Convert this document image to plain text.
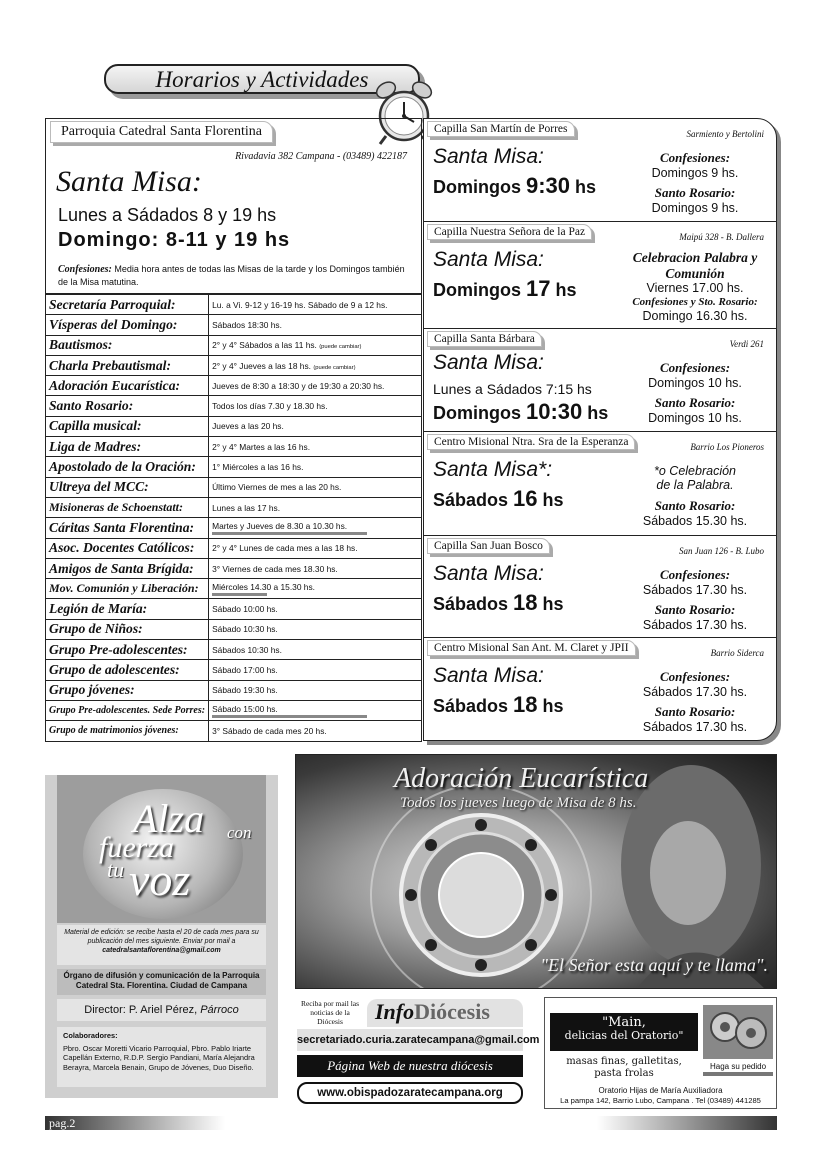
Horarios y Actividades
Parroquia Catedral Santa Florentina
Rivadavia 382 Campana - (03489) 422187
Santa Misa:
Lunes a Sádados 8 y 19 hs
Domingo: 8-11 y 19 hs
Confesiones: Media hora antes de todas las Misas de la tarde y los Domingos también de la Misa matutina.
Secretaría Parroquial:	Lu. a Vi. 9-12 y 16-19 hs. Sábado de 9 a 12 hs.
Vísperas del Domingo:	Sábados 18:30 hs.
Bautismos:	2° y 4° Sábados a las 11 hs. (puede cambiar)
Charla Prebautismal:	2° y 4° Jueves a las 18 hs. (puede cambiar)
Adoración Eucarística:	Jueves de 8:30 a 18:30 y de 19:30 a 20:30 hs.
Santo Rosario:	Todos los días 7.30 y 18.30 hs.
Capilla musical:	Jueves a las 20 hs.
Liga de Madres:	2° y 4° Martes a las 16 hs.
Apostolado de la Oración:	1° Miércoles a las 16 hs.
Ultreya del MCC:	Último Viernes de mes a las 20 hs.
Misioneras de Schoenstatt:	Lunes a las 17 hs.
Cáritas Santa Florentina:	Martes y Jueves de 8.30 a 10.30 hs.

Asoc. Docentes Católicos:	2° y 4° Lunes de cada mes a las 18 hs.
Amigos de Santa Brígida:	3° Viernes de cada mes 18.30 hs.
Mov. Comunión y Liberación:	Miércoles 14.30 a 15.30 hs.

Legión de María:	Sábado 10:00 hs.
Grupo de Niños:	Sábado 10:30 hs.
Grupo Pre-adolescentes:	Sábados 10:30 hs.
Grupo de adolescentes:	Sábado 17:00 hs.
Grupo jóvenes:	Sábado 19:30 hs.
Grupo Pre-adolescentes. Sede Porres:	Sábado 15:00 hs.

Grupo de matrimonios jóvenes:	3° Sábado de cada mes 20 hs.
Capilla San Martín de Porres	Sarmiento y Bertolini
Santa Misa:
Domingos 9:30 hs
Confesiones:
Domingos 9 hs.
Santo Rosario:
Domingos 9 hs.
Capilla Nuestra Señora de la Paz	Maipú 328 - B. Dallera
Santa Misa:
Domingos 17 hs
Celebracion Palabra y Comunión
Viernes 17.00 hs.
Confesiones y Sto. Rosario:
Domingo 16.30 hs.
Capilla Santa Bárbara	Verdi 261
Santa Misa:
Lunes a Sádados 7:15 hs
Domingos 10:30 hs
Confesiones:
Domingos 10 hs.
Santo Rosario:
Domingos 10 hs.
Centro Misional Ntra. Sra de la Esperanza	Barrio Los Pioneros
Santa Misa*:
Sábados 16 hs
*o Celebración de la Palabra.
Santo Rosario:
Sábados 15.30 hs.
Capilla San Juan Bosco	San Juan 126 - B. Lubo
Santa Misa:
Sábados 18 hs
Confesiones:
Sábados 17.30 hs.
Santo Rosario:
Sábados 17.30 hs.
Centro Misional San Ant. M. Claret y JPII	Barrio Siderca
Santa Misa:
Sábados 18 hs
Confesiones:
Sábados 17.30 hs.
Santo Rosario:
Sábados 17.30 hs.
Alza con
fuerza
tu voz
Material de edición: se recibe hasta el 20 de cada mes para su publicación del mes siguiente. Enviar por mail a
catedralsantaflorentina@gmail.com
Órgano de difusión y comunicación de la Parroquia Catedral Sta. Florentina. Ciudad de Campana
Director: P. Ariel Pérez, Párroco
Colaboradores:
Pbro. Oscar Moretti Vicario Parroquial, Pbro. Pablo Iriarte Capellán Externo, R.D.P. Sergio Pandiani, María Alejandra Berayra, Marcela Benain, Grupo de Jóvenes, Duo Diseño.
Adoración Eucarística
Todos los jueves luego de Misa de 8 hs.
"El Señor esta aquí y te llama".
Reciba por mail las noticias de la Diócesis	InfoDiócesis
secretariado.curia.zaratecampana@gmail.com
Página Web de nuestra diócesis
www.obispadozaratecampana.org
"Main,
delicias del Oratorio"
Haga su pedido
masas finas, galletitas, pasta frolas
Oratorio Hijas de María Auxiliadora
La pampa 142, Barrio Lubo, Campana . Tel (03489) 441285
pag.2
